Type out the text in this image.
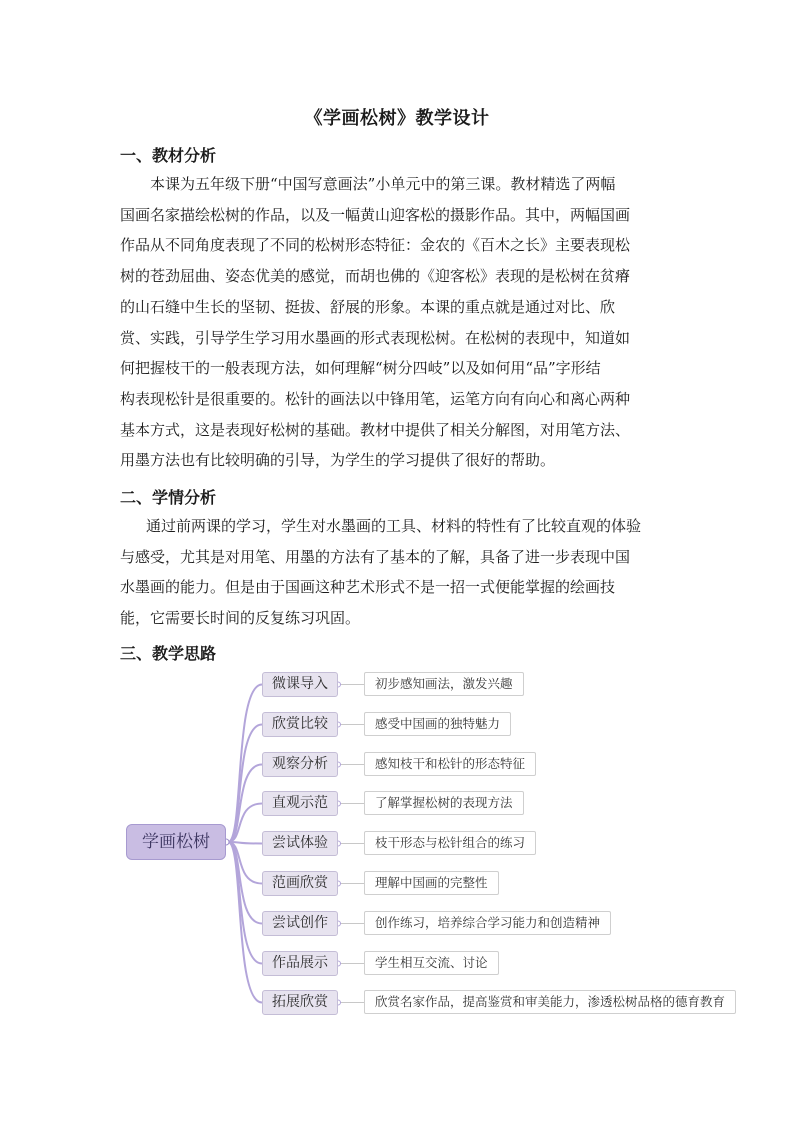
《学画松树》教学设计
一、教材分析

本课为五年级下册“中国写意画法”小单元中的第三课。教材精选了两幅

国画名家描绘松树的作品，以及一幅黄山迎客松的摄影作品。其中，两幅国画

作品从不同角度表现了不同的松树形态特征：金农的《百木之长》主要表现松

树的苍劲屈曲、姿态优美的感觉，而胡也佛的《迎客松》表现的是松树在贫瘠

的山石缝中生长的坚韧、挺拔、舒展的形象。本课的重点就是通过对比、欣

赏、实践，引导学生学习用水墨画的形式表现松树。在松树的表现中，知道如

何把握枝干的一般表现方法，如何理解“树分四岐”以及如何用“品”字形结

构表现松针是很重要的。松针的画法以中锋用笔，运笔方向有向心和离心两种

基本方式，这是表现好松树的基础。教材中提供了相关分解图，对用笔方法、

用墨方法也有比较明确的引导，为学生的学习提供了很好的帮助。

二、学情分析

通过前两课的学习，学生对水墨画的工具、材料的特性有了比较直观的体验

与感受，尤其是对用笔、用墨的方法有了基本的了解，具备了进一步表现中国

水墨画的能力。但是由于国画这种艺术形式不是一招一式便能掌握的绘画技

能，它需要长时间的反复练习巩固。

三、教学思路
学画松树
微课导入	初步感知画法，激发兴趣
欣赏比较	感受中国画的独特魅力
观察分析	感知枝干和松针的形态特征
直观示范	了解掌握松树的表现方法
尝试体验	枝干形态与松针组合的练习
范画欣赏	理解中国画的完整性
尝试创作	创作练习，培养综合学习能力和创造精神
作品展示	学生相互交流、讨论
拓展欣赏	欣赏名家作品，提高鉴赏和审美能力，渗透松树品格的德育教育
